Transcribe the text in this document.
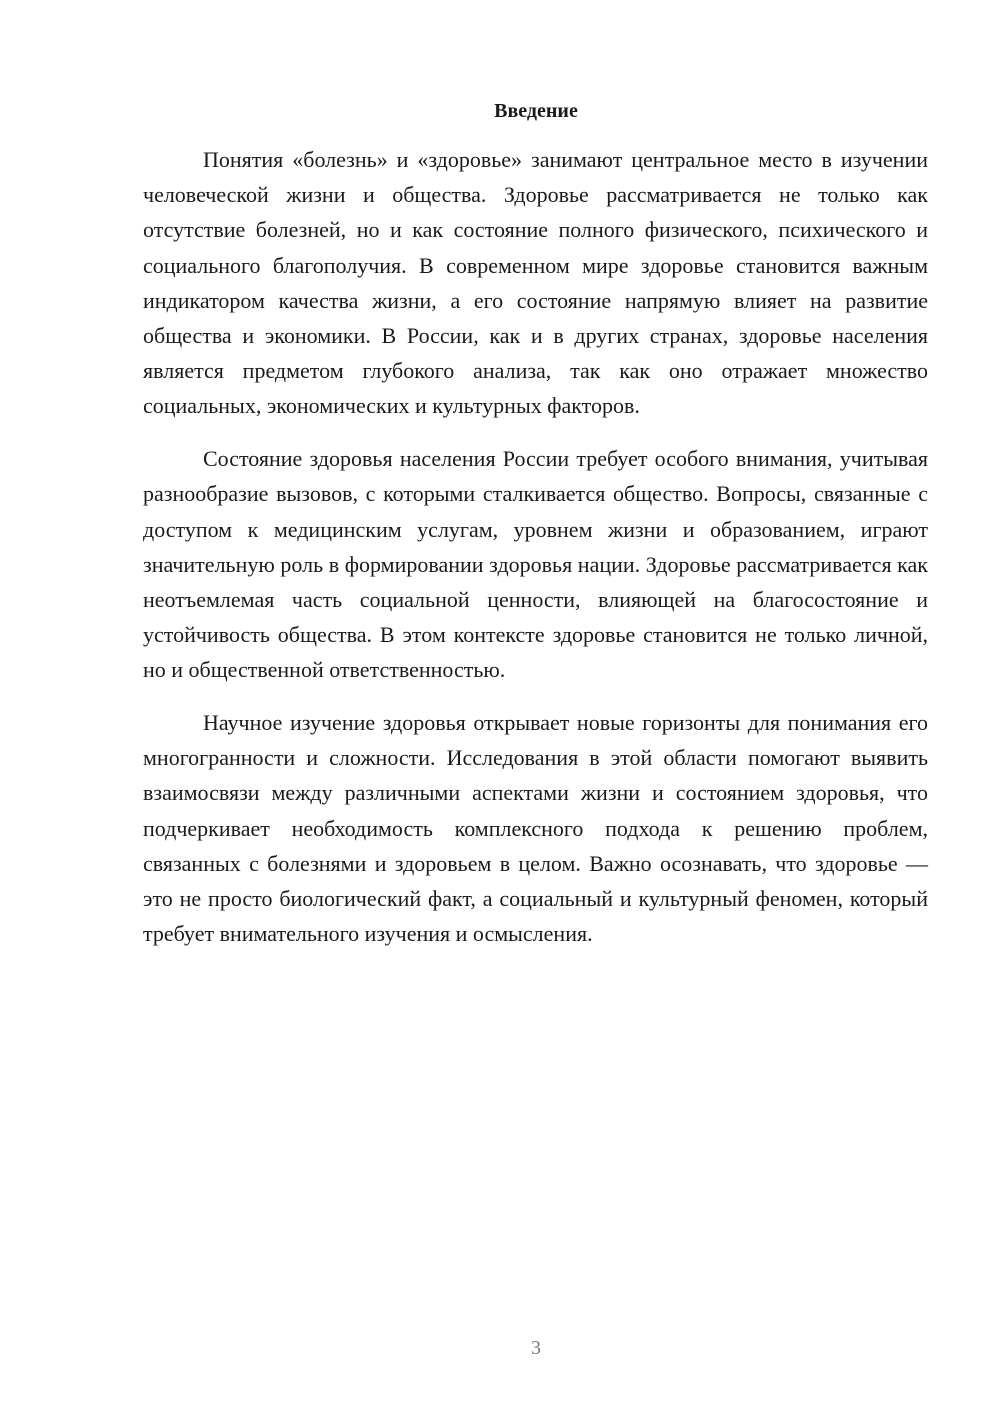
Введение

Понятия «болезнь» и «здоровье» занимают центральное место в изучении человеческой жизни и общества. Здоровье рассматривается не только как отсутствие болезней, но и как состояние полного физического, психического и социального благополучия. В современном мире здоровье становится важным индикатором качества жизни, а его состояние напрямую влияет на развитие общества и экономики. В России, как и в других странах, здоровье населения является предметом глубокого анализа, так как оно отражает множество социальных, экономических и культурных факторов.

Состояние здоровья населения России требует особого внимания, учитывая разнообразие вызовов, с которыми сталкивается общество. Вопросы, связанные с доступом к медицинским услугам, уровнем жизни и образованием, играют значительную роль в формировании здоровья нации. Здоровье рассматривается как неотъемлемая часть социальной ценности, влияющей на благосостояние и устойчивость общества. В этом контексте здоровье становится не только личной, но и общественной ответственностью.

Научное изучение здоровья открывает новые горизонты для понимания его многогранности и сложности. Исследования в этой области помогают выявить взаимосвязи между различными аспектами жизни и состоянием здоровья, что подчеркивает необходимость комплексного подхода к решению проблем, связанных с болезнями и здоровьем в целом. Важно осознавать, что здоровье — это не просто биологический факт, а социальный и культурный феномен, который требует внимательного изучения и осмысления.

3
